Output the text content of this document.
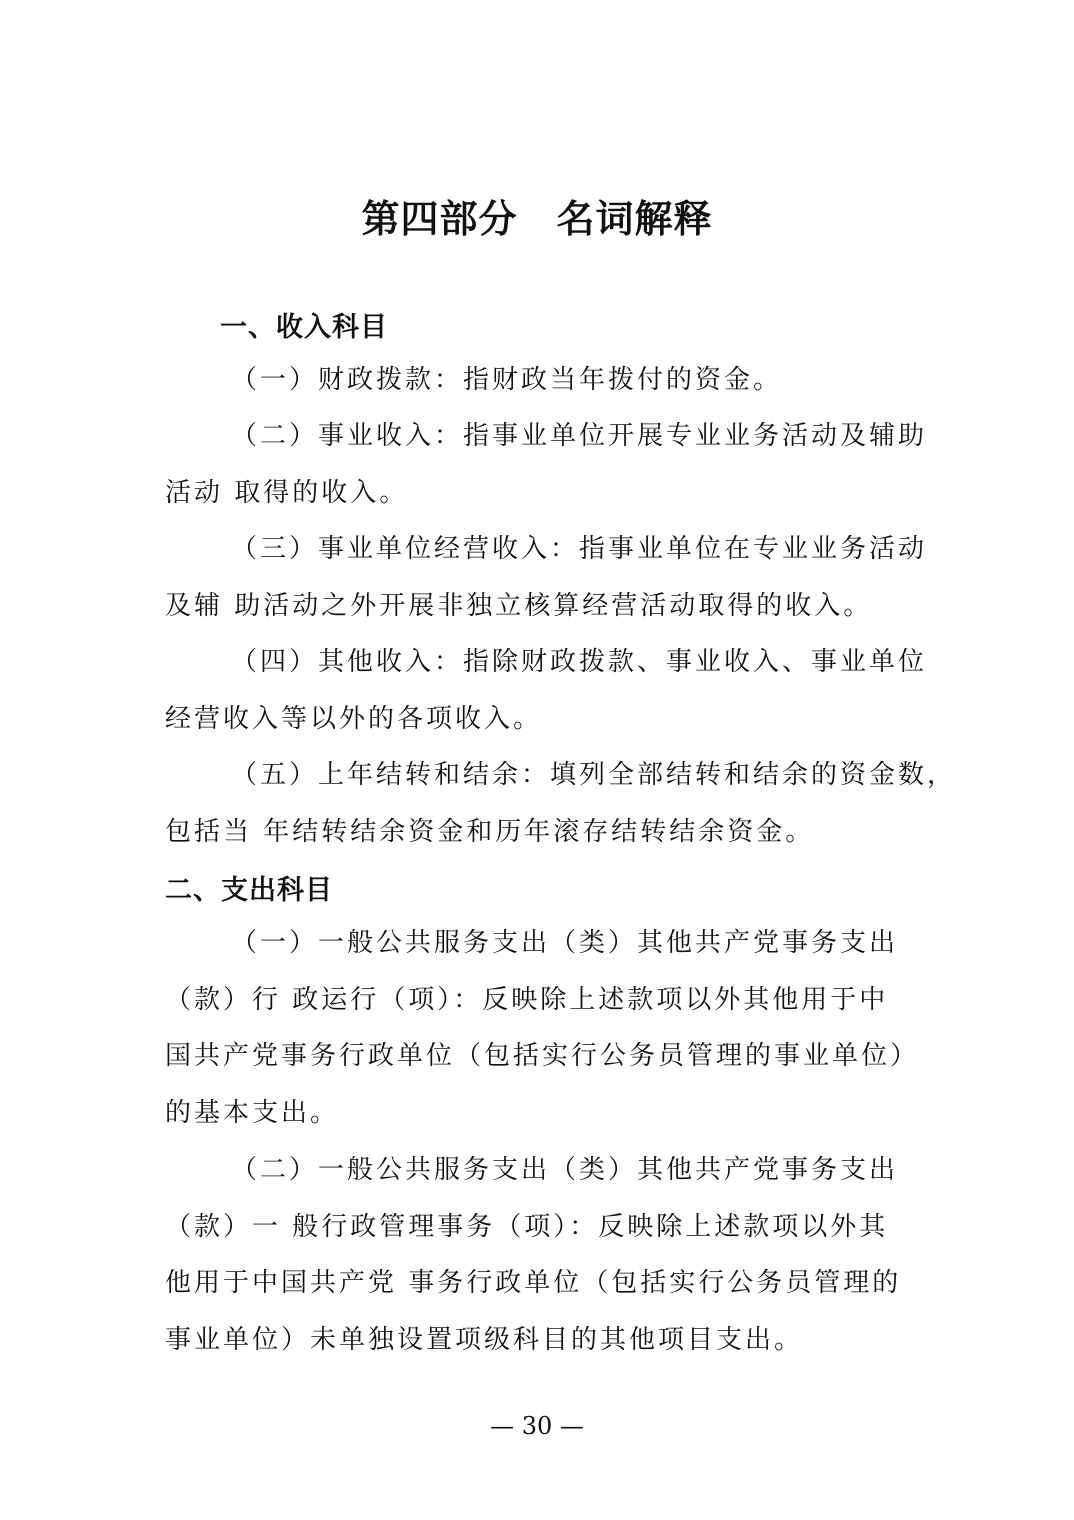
第四部分　名词解释
一、收入科目

（一）财政拨款：指财政当年拨付的资金。

（二）事业收入：指事业单位开展专业业务活动及辅助
活动 取得的收入。

（三）事业单位经营收入：指事业单位在专业业务活动
及辅 助活动之外开展非独立核算经营活动取得的收入。

（四）其他收入：指除财政拨款、事业收入、事业单位
经营收入等以外的各项收入。

（五）上年结转和结余：填列全部结转和结余的资金数，
包括当 年结转结余资金和历年滚存结转结余资金。

二、支出科目

（一）一般公共服务支出（类）其他共产党事务支出
（款）行 政运行（项）：反映除上述款项以外其他用于中
国共产党事务行政单位（包括实行公务员管理的事业单位）
的基本支出。

（二）一般公共服务支出（类）其他共产党事务支出
（款）一 般行政管理事务（项）：反映除上述款项以外其
他用于中国共产党 事务行政单位（包括实行公务员管理的
事业单位）未单独设置项级科目的其他项目支出。

— 30 —
